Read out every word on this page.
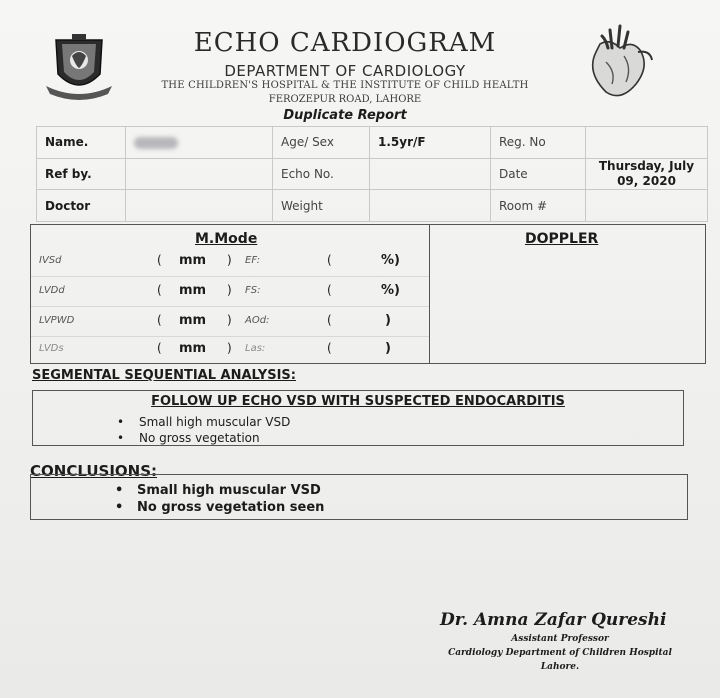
ECHO CARDIOGRAM
DEPARTMENT OF CARDIOLOGY
THE CHILDREN'S HOSPITAL & THE INSTITUTE OF CHILD HEALTH
FEROZEPUR ROAD, LAHORE
Duplicate Report
Name.		Age/ Sex	1.5yr/F	Reg. No	
Ref by.		Echo No.		Date	Thursday, July 09, 2020
Doctor		Weight		Room #	
M.Mode	DOPPLER
IVSd	( mm ) EF:	(	%)
LVDd	( mm ) FS:	(	%)
LVPWD	( mm ) AOd:	(	)
LVDs	( mm ) Las:	(	)
SEGMENTAL SEQUENTIAL ANALYSIS:
FOLLOW UP ECHO VSD WITH SUSPECTED ENDOCARDITIS
• Small high muscular VSD
• No gross vegetation
CONCLUSIONS:
• Small high muscular VSD
• No gross vegetation seen
Dr. Amna Zafar Qureshi
Assistant Professor
Cardiology Department of Children Hospital
Lahore.
